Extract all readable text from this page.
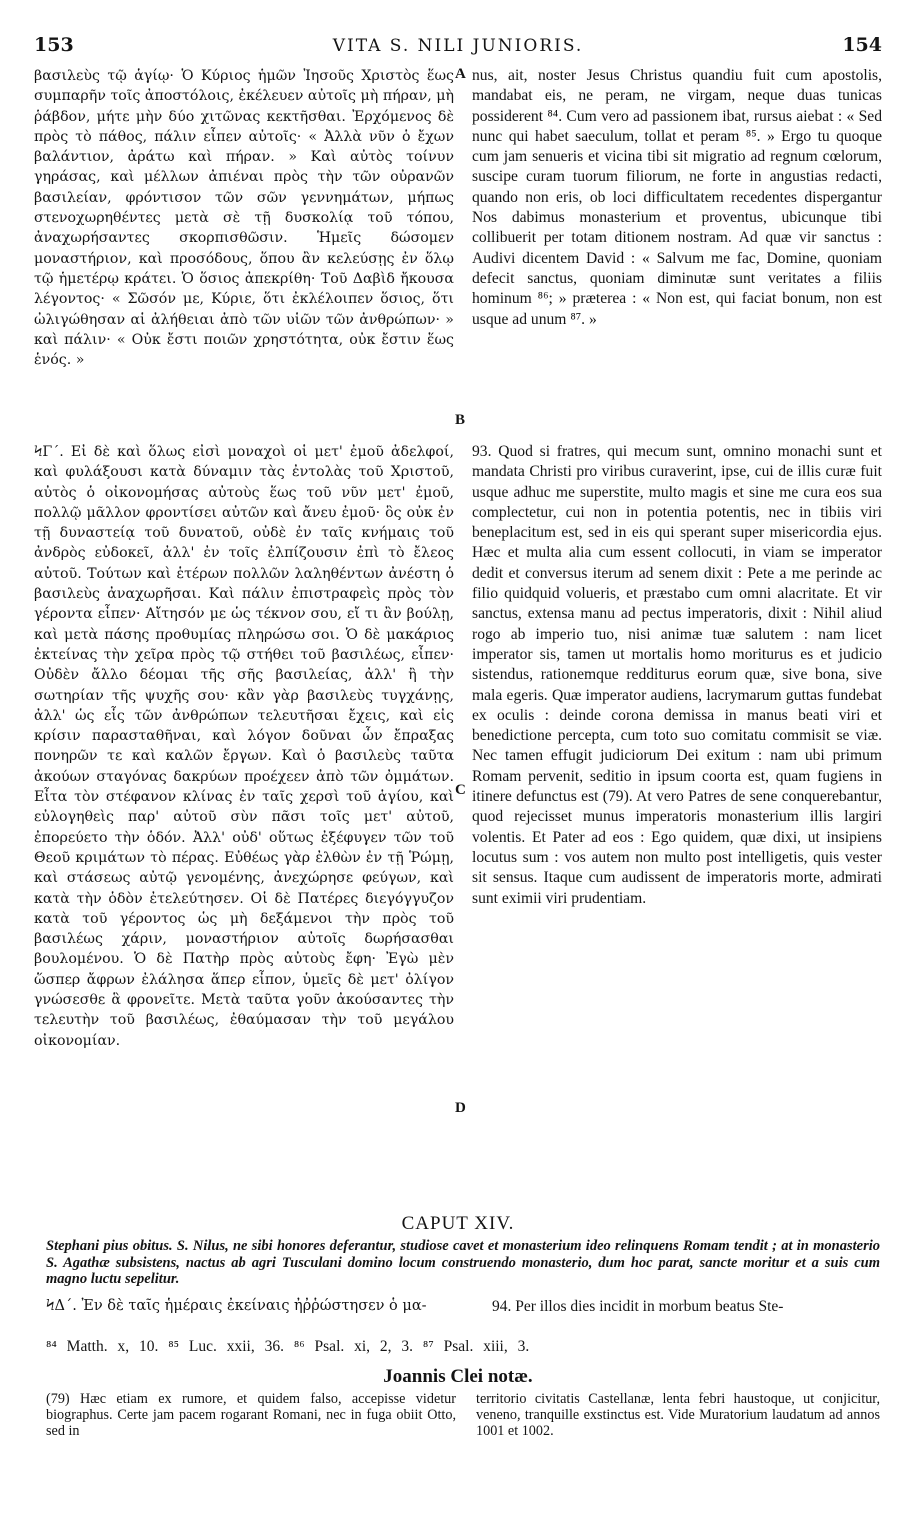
153	VITA S. NILI JUNIORIS.	154

βασιλεὺς τῷ ἁγίῳ· Ὁ Κύριος ἡμῶν Ἰησοῦς Χριστὸς ἕως συμπαρῆν τοῖς ἀποστόλοις, ἐκέλευεν αὐτοῖς μὴ πήραν, μὴ ῥάβδον, μήτε μὴν δύο χιτῶνας κεκτῆσθαι. Ἐρχόμενος δὲ πρὸς τὸ πάθος, πάλιν εἶπεν αὐτοῖς· « Ἀλλὰ νῦν ὁ ἔχων βαλάντιον, ἀράτω καὶ πήραν. » Καὶ αὐτὸς τοίνυν γηράσας, καὶ μέλλων ἀπιέναι πρὸς τὴν τῶν οὐρανῶν βασιλείαν, φρόντισον τῶν σῶν γεννημάτων, μήπως στενοχωρηθέντες μετὰ σὲ τῇ δυσκολίᾳ τοῦ τόπου, ἀναχωρήσαντες σκορπισθῶσιν. Ἡμεῖς δώσομεν μοναστήριον, καὶ προσόδους, ὅπου ἂν κελεύσῃς ἐν ὅλῳ τῷ ἡμετέρῳ κράτει. Ὁ ὅσιος ἀπεκρίθη· Τοῦ Δαβὶδ ἤκουσα λέγοντος· « Σῶσόν με, Κύριε, ὅτι ἐκλέλοιπεν ὅσιος, ὅτι ὠλιγώθησαν αἱ ἀλήθειαι ἀπὸ τῶν υἱῶν τῶν ἀνθρώπων· » καὶ πάλιν· « Οὐκ ἔστι ποιῶν χρηστότητα, οὐκ ἔστιν ἕως ἑνός. »

nus, ait, noster Jesus Christus quandiu fuit cum apostolis, mandabat eis, ne peram, ne virgam, neque duas tunicas possiderent ⁸⁴. Cum vero ad passionem ibat, rursus aiebat : « Sed nunc qui habet saeculum, tollat et peram ⁸⁵. » Ergo tu quoque cum jam senueris et vicina tibi sit migratio ad regnum cœlorum, suscipe curam tuorum filiorum, ne forte in angustias redacti, quando non eris, ob loci difficultatem recedentes dispergantur Nos dabimus monasterium et proventus, ubicunque tibi collibuerit per totam ditionem nostram. Ad quæ vir sanctus : Audivi dicentem David : « Salvum me fac, Domine, quoniam defecit sanctus, quoniam diminutæ sunt veritates a filiis hominum ⁸⁶; » præterea : « Non est, qui faciat bonum, non est usque ad unum ⁸⁷. »

A
B
C
D

ϞΓ΄. Εἰ δὲ καὶ ὅλως εἰσὶ μοναχοὶ οἱ μετ' ἐμοῦ ἀδελφοί, καὶ φυλάξουσι κατὰ δύναμιν τὰς ἐντολὰς τοῦ Χριστοῦ, αὐτὸς ὁ οἰκονομήσας αὐτοὺς ἕως τοῦ νῦν μετ' ἐμοῦ, πολλῷ μᾶλλον φροντίσει αὐτῶν καὶ ἄνευ ἐμοῦ· ὃς οὐκ ἐν τῇ δυναστείᾳ τοῦ δυνατοῦ, οὐδὲ ἐν ταῖς κνήμαις τοῦ ἀνδρὸς εὐδοκεῖ, ἀλλ' ἐν τοῖς ἐλπίζουσιν ἐπὶ τὸ ἔλεος αὐτοῦ. Τούτων καὶ ἑτέρων πολλῶν λαληθέντων ἀνέστη ὁ βασιλεὺς ἀναχωρῆσαι. Καὶ πάλιν ἐπιστραφεὶς πρὸς τὸν γέροντα εἶπεν· Αἴτησόν με ὡς τέκνον σου, εἴ τι ἂν βούλῃ, καὶ μετὰ πάσης προθυμίας πληρώσω σοι. Ὁ δὲ μακάριος ἐκτείνας τὴν χεῖρα πρὸς τῷ στήθει τοῦ βασιλέως, εἶπεν· Οὐδὲν ἄλλο δέομαι τῆς σῆς βασιλείας, ἀλλ' ἢ τὴν σωτηρίαν τῆς ψυχῆς σου· κἂν γὰρ βασιλεὺς τυγχάνῃς, ἀλλ' ὡς εἷς τῶν ἀνθρώπων τελευτῆσαι ἔχεις, καὶ εἰς κρίσιν παρασταθῆναι, καὶ λόγον δοῦναι ὧν ἔπραξας πονηρῶν τε καὶ καλῶν ἔργων. Καὶ ὁ βασιλεὺς ταῦτα ἀκούων σταγόνας δακρύων προέχεεν ἀπὸ τῶν ὀμμάτων. Εἶτα τὸν στέφανον κλίνας ἐν ταῖς χερσὶ τοῦ ἁγίου, καὶ εὐλογηθεὶς παρ' αὐτοῦ σὺν πᾶσι τοῖς μετ' αὐτοῦ, ἐπορεύετο τὴν ὁδόν. Ἀλλ' οὐδ' οὕτως ἐξέφυγεν τῶν τοῦ Θεοῦ κριμάτων τὸ πέρας. Εὐθέως γὰρ ἐλθὼν ἐν τῇ Ῥώμῃ, καὶ στάσεως αὐτῷ γενομένης, ἀνεχώρησε φεύγων, καὶ κατὰ τὴν ὁδὸν ἐτελεύτησεν. Οἱ δὲ Πατέρες διεγόγγυζον κατὰ τοῦ γέροντος ὡς μὴ δεξάμενοι τὴν πρὸς τοῦ βασιλέως χάριν, μοναστήριον αὐτοῖς δωρήσασθαι βουλομένου. Ὁ δὲ Πατὴρ πρὸς αὐτοὺς ἔφη· Ἐγὼ μὲν ὥσπερ ἄφρων ἐλάλησα ἅπερ εἶπον, ὑμεῖς δὲ μετ' ὀλίγον γνώσεσθε ἃ φρονεῖτε. Μετὰ ταῦτα γοῦν ἀκούσαντες τὴν τελευτὴν τοῦ βασιλέως, ἐθαύμασαν τὴν τοῦ μεγάλου οἰκονομίαν.

93. Quod si fratres, qui mecum sunt, omnino monachi sunt et mandata Christi pro viribus curaverint, ipse, cui de illis curæ fuit usque adhuc me superstite, multo magis et sine me cura eos sua complectetur, cui non in potentia potentis, nec in tibiis viri beneplacitum est, sed in eis qui sperant super misericordia ejus. Hæc et multa alia cum essent collocuti, in viam se imperator dedit et conversus iterum ad senem dixit : Pete a me perinde ac filio quidquid volueris, et præstabo cum omni alacritate. Et vir sanctus, extensa manu ad pectus imperatoris, dixit : Nihil aliud rogo ab imperio tuo, nisi animæ tuæ salutem : nam licet imperator sis, tamen ut mortalis homo moriturus es et judicio sistendus, rationemque redditurus eorum quæ, sive bona, sive mala egeris. Quæ imperator audiens, lacrymarum guttas fundebat ex oculis : deinde corona demissa in manus beati viri et benedictione percepta, cum toto suo comitatu commisit se viæ. Nec tamen effugit judiciorum Dei exitum : nam ubi primum Romam pervenit, seditio in ipsum coorta est, quam fugiens in itinere defunctus est (79). At vero Patres de sene conquerebantur, quod rejecisset munus imperatoris monasterium illis largiri volentis. Et Pater ad eos : Ego quidem, quæ dixi, ut insipiens locutus sum : vos autem non multo post intelligetis, quis vester sit sensus. Itaque cum audissent de imperatoris morte, admirati sunt eximii viri prudentiam.

CAPUT XIV.
Stephani pius obitus. S. Nilus, ne sibi honores deferantur, studiose cavet et monasterium ideo relinquens Romam tendit ; at in monasterio S. Agathæ subsistens, nactus ab agri Tusculani domino locum construendo monasterio, dum hoc parat, sancte moritur et a suis cum magno luctu sepelitur.
ϞΔ΄. Ἐν δὲ ταῖς ἡμέραις ἐκείναις ἠῤῥώστησεν ὁ μα-	94. Per illos dies incidit in morbum beatus Ste-
⁸⁴ Matth. x, 10. ⁸⁵ Luc. xxii, 36. ⁸⁶ Psal. xi, 2, 3. ⁸⁷ Psal. xiii, 3.
Joannis Clei notæ.
(79) Hæc etiam ex rumore, et quidem falso, accepisse videtur biographus. Certe jam pacem rogarant Romani, nec in fuga obiit Otto, sed in
territorio civitatis Castellanæ, lenta febri haustoque, ut conjicitur, veneno, tranquille exstinctus est. Vide Muratorium laudatum ad annos 1001 et 1002.
